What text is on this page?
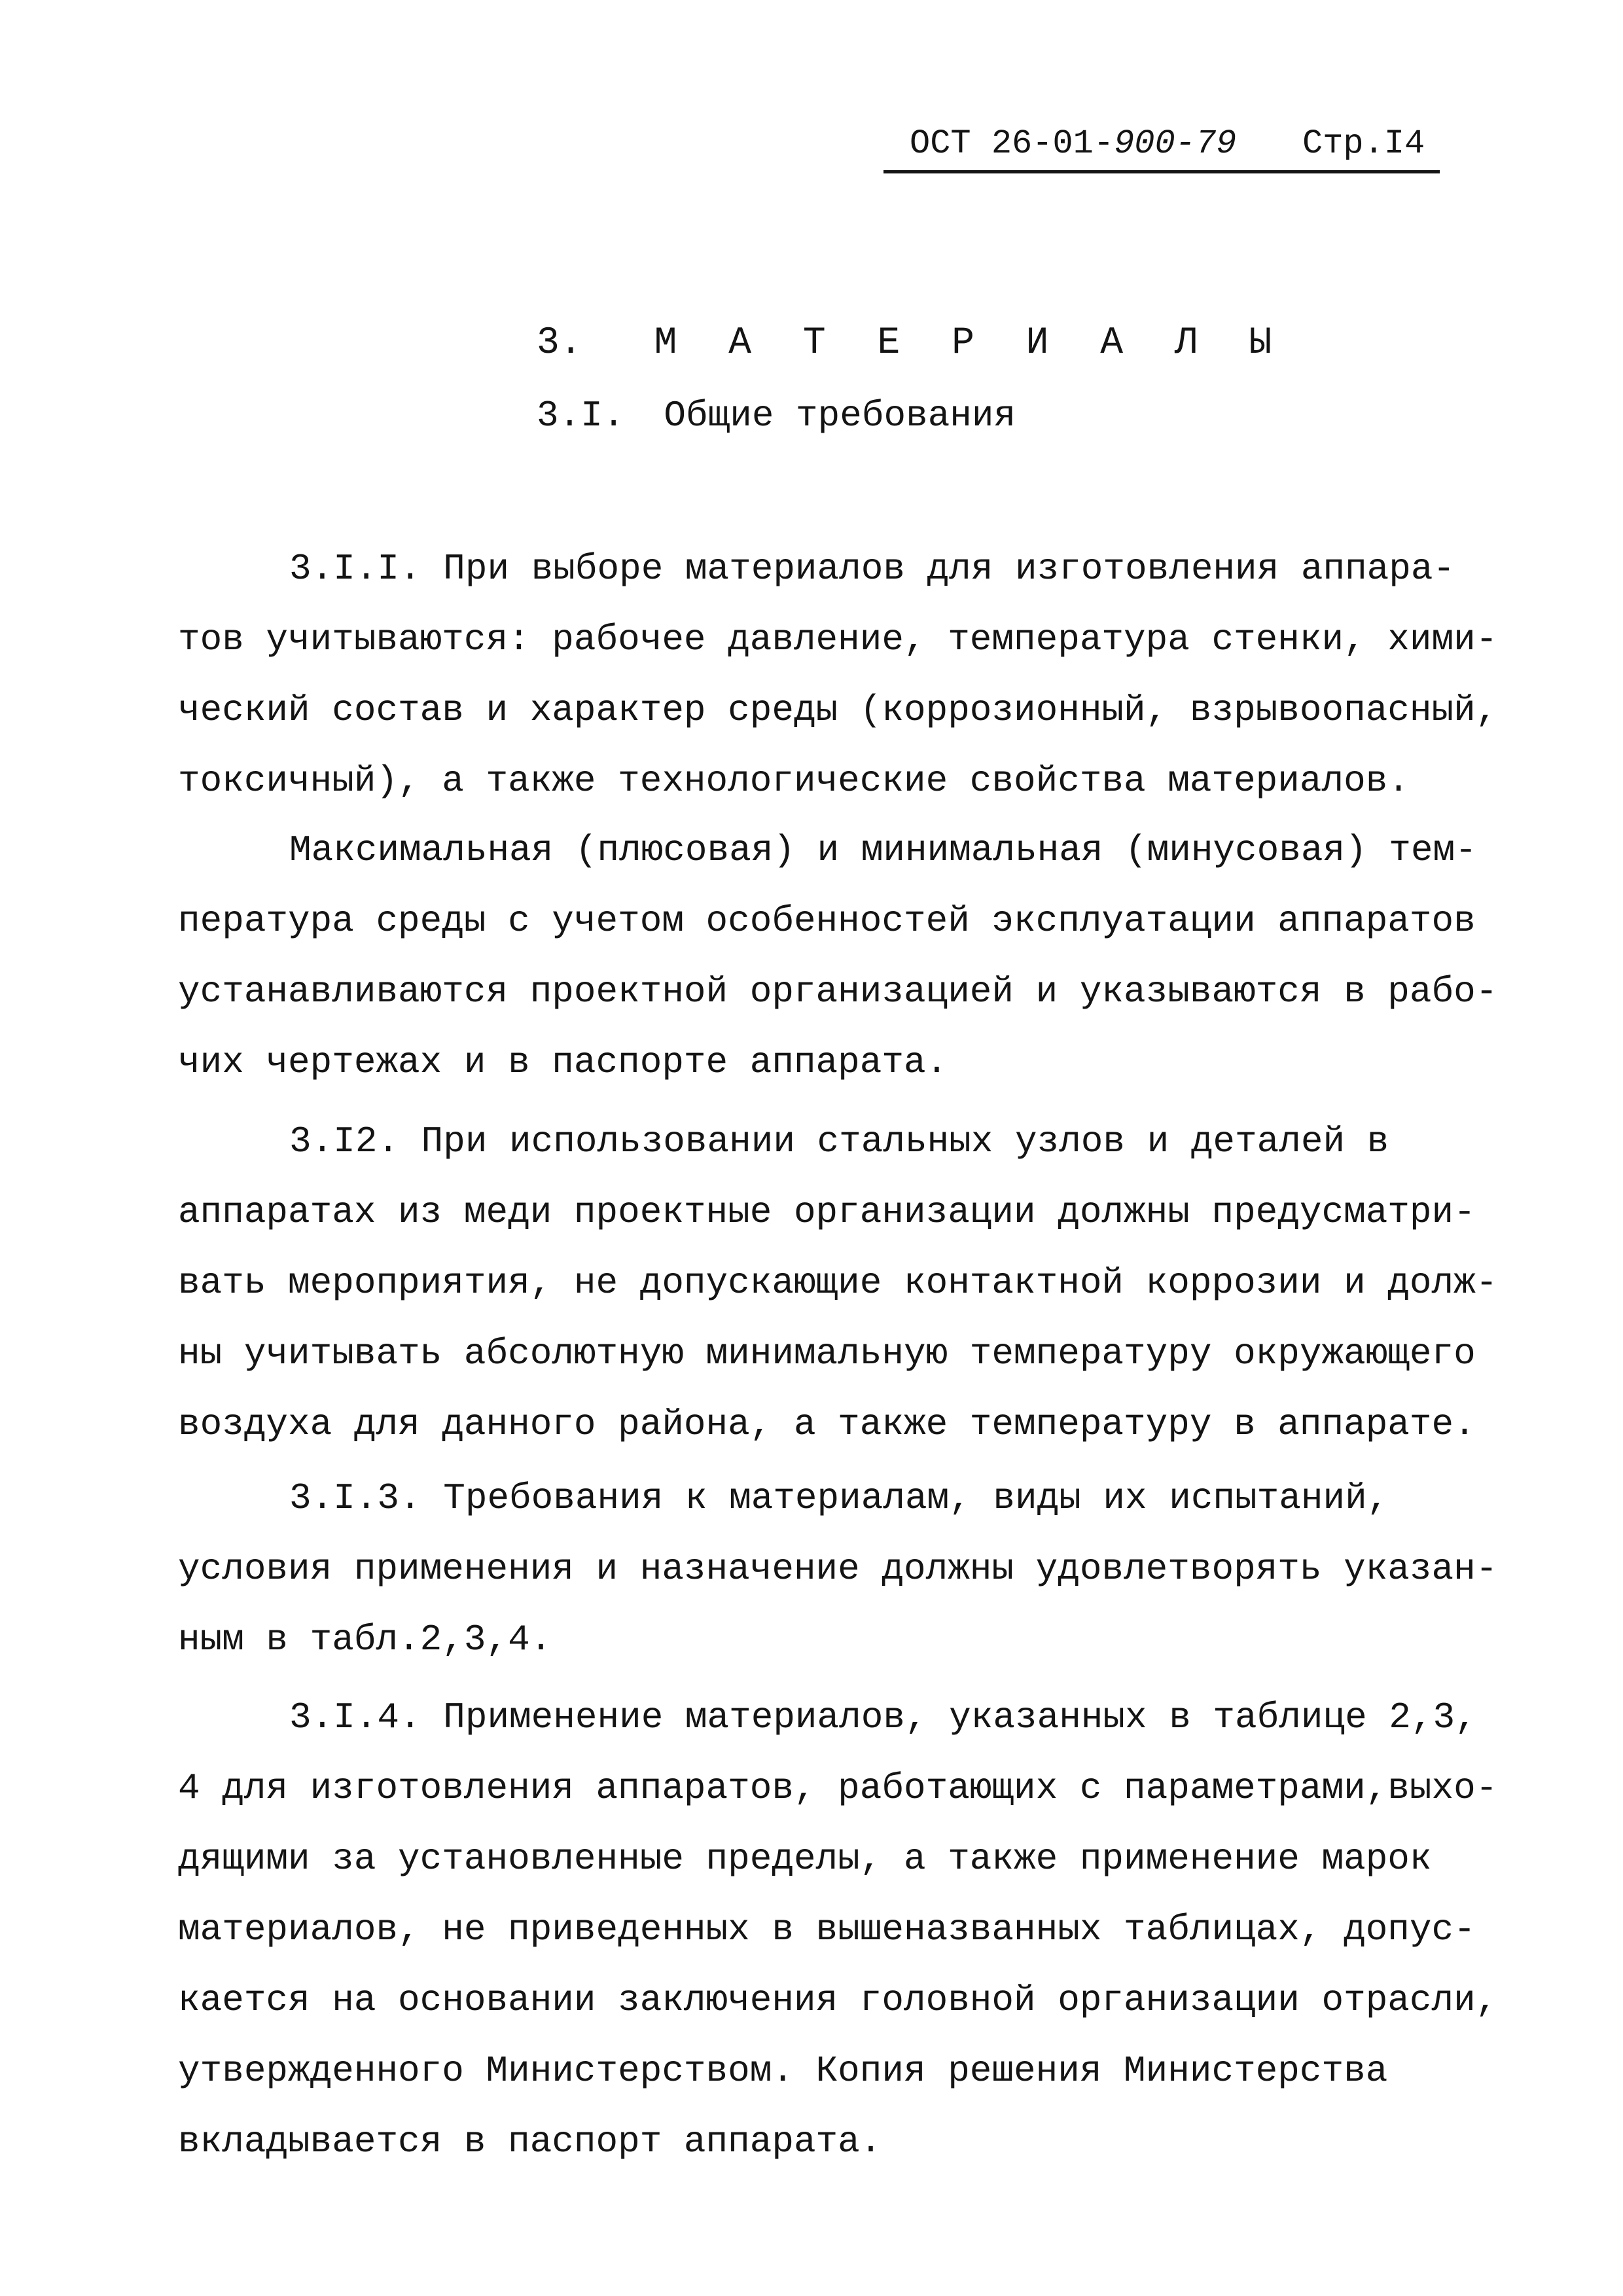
ОСТ 26-01-900-79 Стр.I4
3. М А Т Е Р И А Л Ы
3.I. Общие требования
3.I.I. При выборе материалов для изготовления аппара-
тов учитываются: рабочее давление, температура стенки, хими-
ческий состав и характер среды (коррозионный, взрывоопасный,
токсичный), а также технологические свойства материалов.
Максимальная (плюсовая) и минимальная (минусовая) тем-
пература среды с учетом особенностей эксплуатации аппаратов
устанавливаются проектной организацией и указываются в рабо-
чих чертежах и в паспорте аппарата.
3.I2. При использовании стальных узлов и деталей в
аппаратах из меди проектные организации должны предусматри-
вать мероприятия, не допускающие контактной коррозии и долж-
ны учитывать абсолютную минимальную температуру окружающего
воздуха для данного района, а также температуру в аппарате.
3.I.3. Требования к материалам, виды их испытаний,
условия применения и назначение должны удовлетворять указан-
ным в табл.2,3,4.
3.I.4. Применение материалов, указанных в таблице 2,3,
4 для изготовления аппаратов, работающих с параметрами,выхо-
дящими за установленные пределы, а также применение марок
материалов, не приведенных в вышеназванных таблицах, допус-
кается на основании заключения головной организации отрасли,
утвержденного Министерством. Копия решения Министерства
вкладывается в паспорт аппарата.
